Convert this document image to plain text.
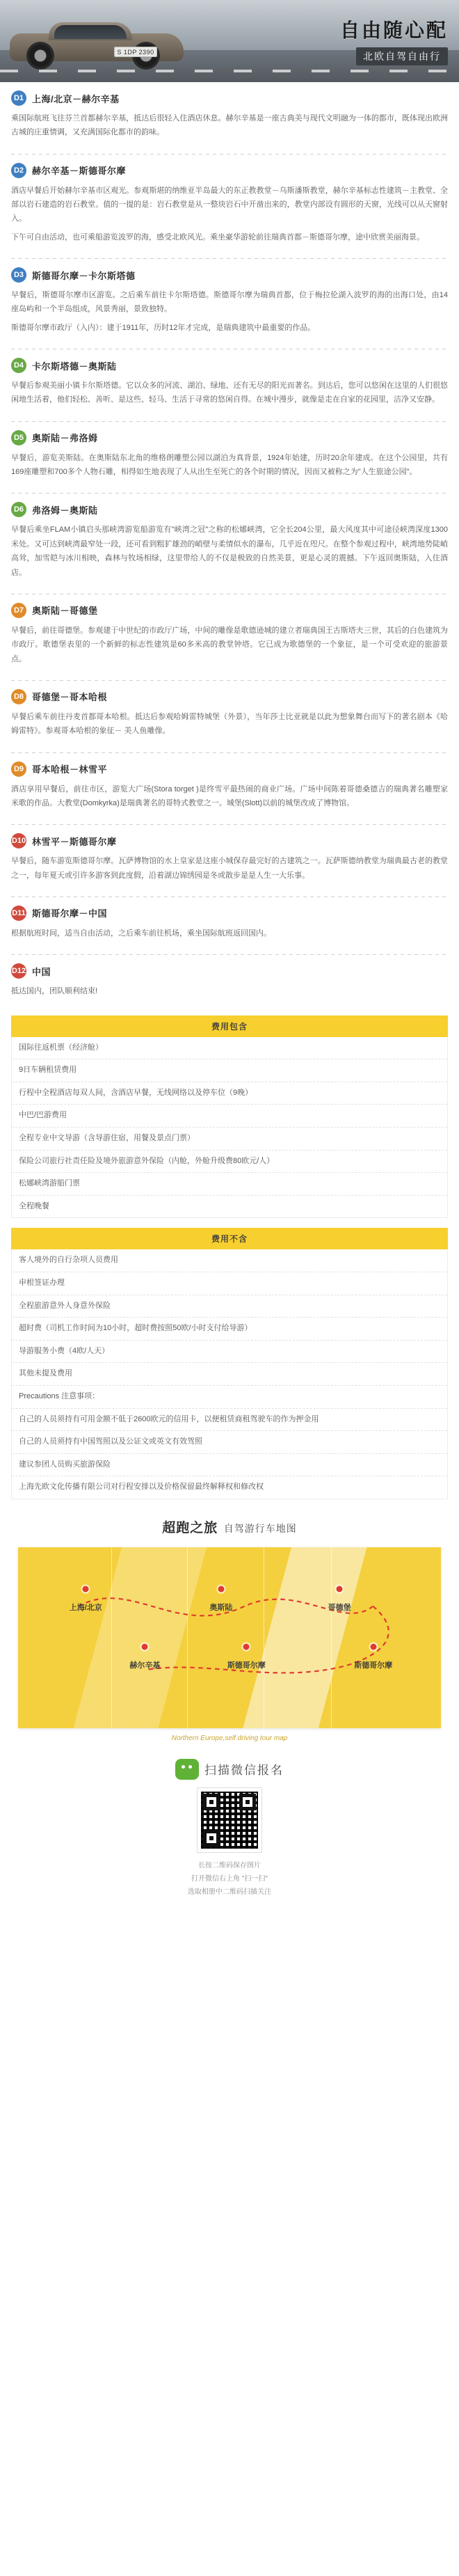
S 1DP 2390
自由随心配
北欧自驾自由行
D1 上海/北京－赫尔辛基

乘国际航班飞往芬兰首都赫尔辛基，抵达后很轻入住酒店休息。赫尔辛基是一座古典美与现代文明融为一体的都市，既体现出欧洲古城的庄重情调，又充满国际化都市的韵味。

D2 赫尔辛基－斯德哥尔摩

酒店早餐后开始赫尔辛基市区观光。参观斯堪的纳维亚半岛最大的东正教教堂－乌斯潘斯教堂，赫尔辛基标志性建筑－主教堂、全部以岩石建造的岩石教堂。值的一提的是：岩石教堂是从一整块岩石中开凿出来的，教堂内部设有圆形的天窗，光线可以从天窗射入。

下午可自由活动，也可乘船游览波罗的海，感受北欧风光。乘坐豪华游轮前往瑞典首都－斯德哥尔摩，途中欣赏美丽海景。

D3 斯德哥尔摩－卡尔斯塔德

早餐后，斯德哥尔摩市区游览。之后乘车前往卡尔斯塔德。斯德哥尔摩为瑞典首都，位于梅拉伦湖入波罗的海的出海口处，由14座岛屿和一个半岛组成，风景秀丽，景致独特。

斯德哥尔摩市政厅（入内）：建于1911年，历时12年才完成，是瑞典建筑中最重要的作品。

D4 卡尔斯塔德－奥斯陆

早餐后参观美丽小镇卡尔斯塔德。它以众多的河流、湖泊、绿地、还有无尽的阳光而著名。到达后，您可以悠闲在这里的人们很悠闲地生活着，他们轻松、善听、是这些、轻马、生活于寻常的悠闲自得。在城中漫步，就像是走在自家的花园里，洁净又安静。

D5 奥斯陆－弗洛姆

早餐后，游览美斯陆。在奥斯陆东北角的维格朗雕塑公园以湖泊为真背景，1924年始建，历时20余年建成。在这个公园里，共有169座雕塑和700多个人物石雕，相得如生地表现了人从出生至死亡的各个时期的情况，因而又被称之为"人生旅途公园"。

D6 弗洛姆－奥斯陆

早餐后乘坐FLAM小镇启头那峡湾游览船游览有"峡湾之冠"之称的松娜峡湾，它全长204公里，最大风度其中可途径峡湾深度1300米处。又可达到峡湾最窄处一段，还可看到粗犷雄劲的峭壁与柔情似水的瀑布，几乎近在咫尺。在整个参观过程中，峡湾地势陡峭高耸，加雪皑与冰川相映，森林与牧场相绿，这里带给人的不仅是极致的自然美景，更是心灵的震撼。下午返回奥斯陆，入住酒店。

D7 奥斯陆－哥德堡

早餐后，前往哥德堡。参观建于中世纪的市政厅广场，中间的雕像是歌德逊城的建立者瑞典国王古斯塔夫三世，其后的白色建筑为市政厅。歌德堡表里的一个新鲜的标志性建筑是60多米高的教堂钟塔。它已成为歌德堡的一个象征，是一个可受欢迎的旅游景点。

D8 哥德堡－哥本哈根

早餐后乘车前往丹麦首都哥本哈根。抵达后参观哈姆雷特城堡（外景），当年莎士比亚就是以此为想象舞台而写下的著名剧本《哈姆雷特》。参观哥本哈根的象征－ 美人鱼雕像。

D9 哥本哈根－林雪平

酒店享用早餐后，前往市区，游览大广场(Stora torget )是终雪平最热闹的商业广场。广场中间陈着哥德桑德吉的瑞典著名雕塑家米歌的作品。大教堂(Domkyrka)是瑞典著名的哥特式教堂之一。城堡(Slott)以前的城堡改成了博物馆。

D10 林雪平－斯德哥尔摩

早餐后，随车游览斯德哥尔摩。瓦萨博物馆的水上皇家是这座小城保存最完好的古建筑之一。瓦萨斯德纳教堂为瑞典最古老的教堂之一，每年夏天或引许多游客到此度假，沿着湖边锦绣园是冬或散步是是人生一大乐事。

D11 斯德哥尔摩－中国

根据航班时间，适当自由活动，之后乘车前往机场，乘坐国际航班返回国内。

D12 中国

抵达国内，团队顺利结束!

费用包含
国际往返机票（经济舱）
9日车辆租赁费用
行程中全程酒店每双人间，含酒店早餐，无线网络以及停车位（9晚）
中巴/巴游费用
全程专业中文导游（含导游住宿，用餐及景点门票）
保险公司旅行社责任险及境外旅游意外保险（内舱，外舱升级费80欧元/人）
松娜峡湾游船门票
全程晚餐
费用不含
客人境外的自行杂项人员费用
申根签证办理
全程旅游意外人身意外保险
超时费（司机工作时间为10小时，超时费按照50欧/小时支付给导游）
导游服务小费（4欧/人天）
其他未提及费用
Precautions 注意事项：
自己的人员须持有可用金额不低于2600欧元的信用卡，以便租赁商租驾驶车的作为押金用
自己的人员须持有中国驾照以及公证文或英文有效驾照
建议参团人员购买旅游保险
上海先欧文化传播有限公司对行程安排以及价格保留最终解释权和修改权
超跑之旅 自驾游行车地图
上海/北京	奥斯陆	哥德堡
赫尔辛基	斯德哥尔摩	斯德哥尔摩
Northern Europe,self driving tour map
扫描微信报名
长按二维码保存图片
打开微信右上角 "扫一扫"
选取相册中二维码扫描关注
